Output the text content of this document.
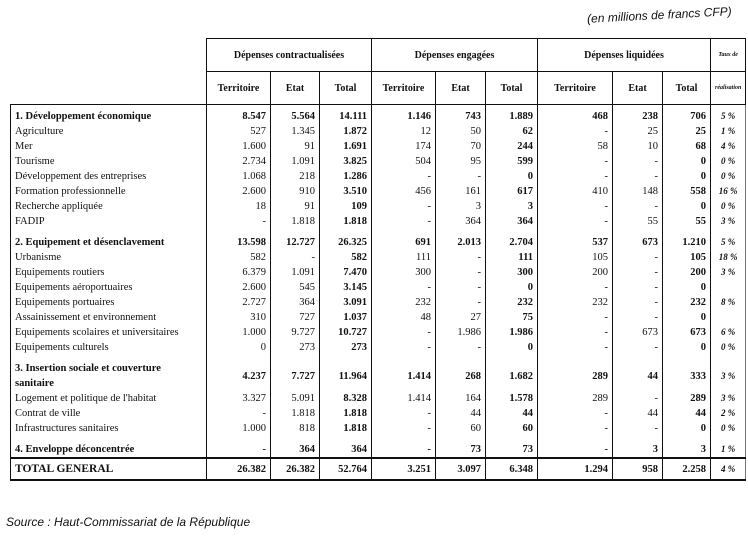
(en millions de francs CFP)
	Dépenses contractualisées			Dépenses engagées			Dépenses liquidées			Taux de
	Territoire	Etat	Total	Territoire	Etat	Total	Territoire	Etat	Total	réalisation
1. Développement économique	8.547	5.564	14.111	1.146	743	1.889	468	238	706	5 %
Agriculture	527	1.345	1.872	12	50	62	-	25	25	1 %
Mer	1.600	91	1.691	174	70	244	58	10	68	4 %
Tourisme	2.734	1.091	3.825	504	95	599	-	-	0	0 %
Développement des entreprises	1.068	218	1.286	-	-	0	-	-	0	0 %
Formation professionnelle	2.600	910	3.510	456	161	617	410	148	558	16 %
Recherche appliquée	18	91	109	-	3	3	-	-	0	0 %
FADIP	-	1.818	1.818	-	364	364	-	55	55	3 %
2. Equipement et désenclavement	13.598	12.727	26.325	691	2.013	2.704	537	673	1.210	5 %
Urbanisme	582	-	582	111	-	111	105	-	105	18 %
Equipements routiers	6.379	1.091	7.470	300	-	300	200	-	200	3 %
Equipements aéroportuaires	2.600	545	3.145	-	-	0	-	-	0	
Equipements portuaires	2.727	364	3.091	232	-	232	232	-	232	8 %
Assainissement et environnement	310	727	1.037	48	27	75	-	-	0	
Equipements scolaires et universitaires	1.000	9.727	10.727	-	1.986	1.986	-	673	673	6 %
Equipements culturels	0	273	273	-	-	0	-	-	0	0 %
3. Insertion sociale et couverture sanitaire	4.237	7.727	11.964	1.414	268	1.682	289	44	333	3 %
Logement et politique de l'habitat	3.327	5.091	8.328	1.414	164	1.578	289	-	289	3 %
Contrat de ville	-	1.818	1.818	-	44	44	-	44	44	2 %
Infrastructures sanitaires	1.000	818	1.818	-	60	60	-	-	0	0 %
4. Enveloppe déconcentrée	-	364	364	-	73	73	-	3	3	1 %
TOTAL GENERAL	26.382	26.382	52.764	3.251	3.097	6.348	1.294	958	2.258	4 %
Source : Haut-Commissariat de la République
